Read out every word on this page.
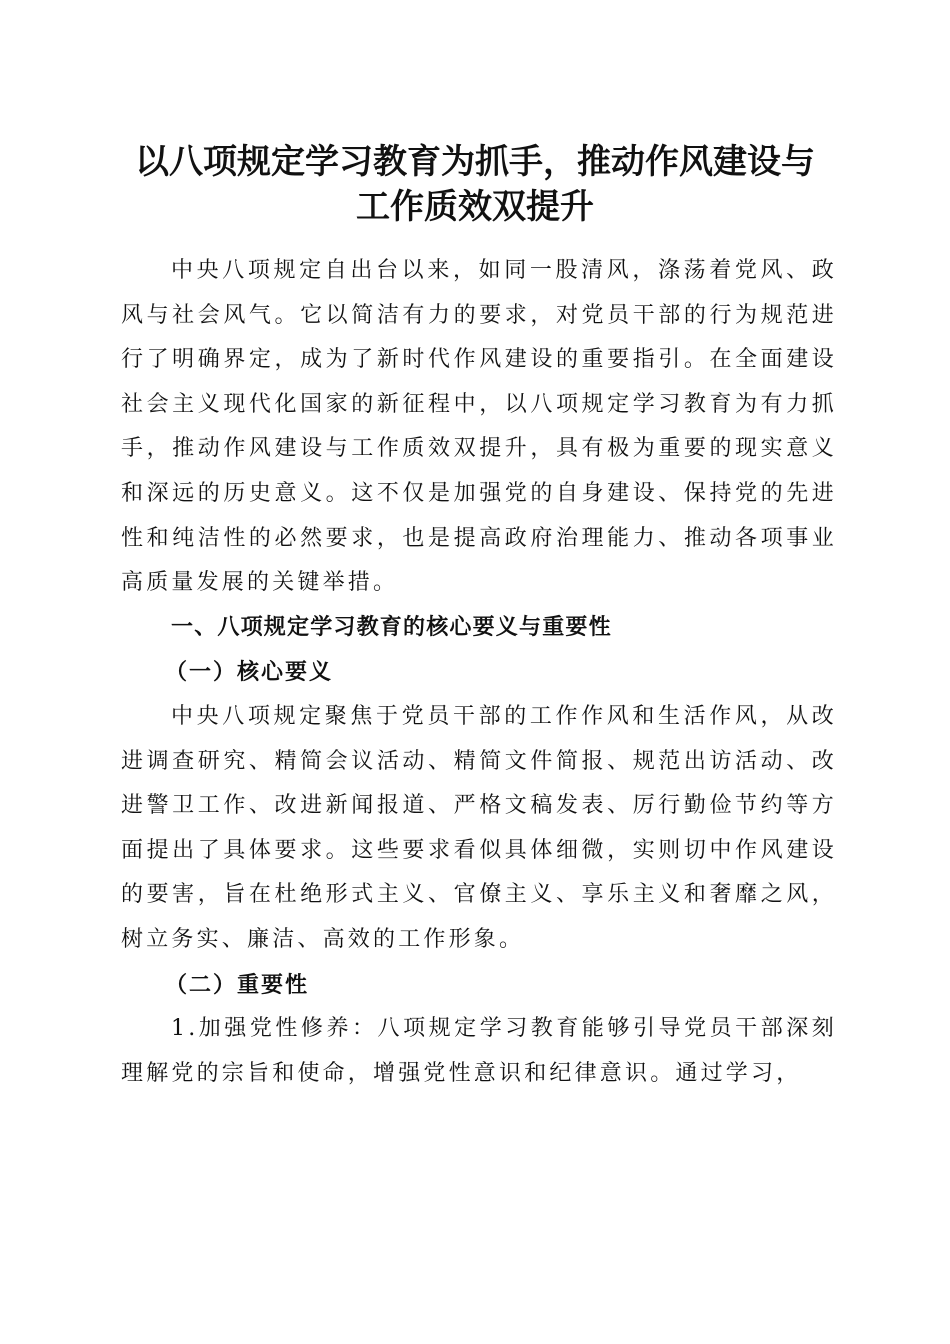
以八项规定学习教育为抓手，推动作风建设与
工作质效双提升

中央八项规定自出台以来，如同一股清风，涤荡着党风、政风与社会风气。它以简洁有力的要求，对党员干部的行为规范进行了明确界定，成为了新时代作风建设的重要指引。在全面建设社会主义现代化国家的新征程中，以八项规定学习教育为有力抓手，推动作风建设与工作质效双提升，具有极为重要的现实意义和深远的历史意义。这不仅是加强党的自身建设、保持党的先进性和纯洁性的必然要求，也是提高政府治理能力、推动各项事业高质量发展的关键举措。

一、八项规定学习教育的核心要义与重要性

（一）核心要义

中央八项规定聚焦于党员干部的工作作风和生活作风，从改进调查研究、精简会议活动、精简文件简报、规范出访活动、改进警卫工作、改进新闻报道、严格文稿发表、厉行勤俭节约等方面提出了具体要求。这些要求看似具体细微，实则切中作风建设的要害，旨在杜绝形式主义、官僚主义、享乐主义和奢靡之风，树立务实、廉洁、高效的工作形象。

（二）重要性

1.加强党性修养：八项规定学习教育能够引导党员干部深刻理解党的宗旨和使命，增强党性意识和纪律意识。通过学习，
